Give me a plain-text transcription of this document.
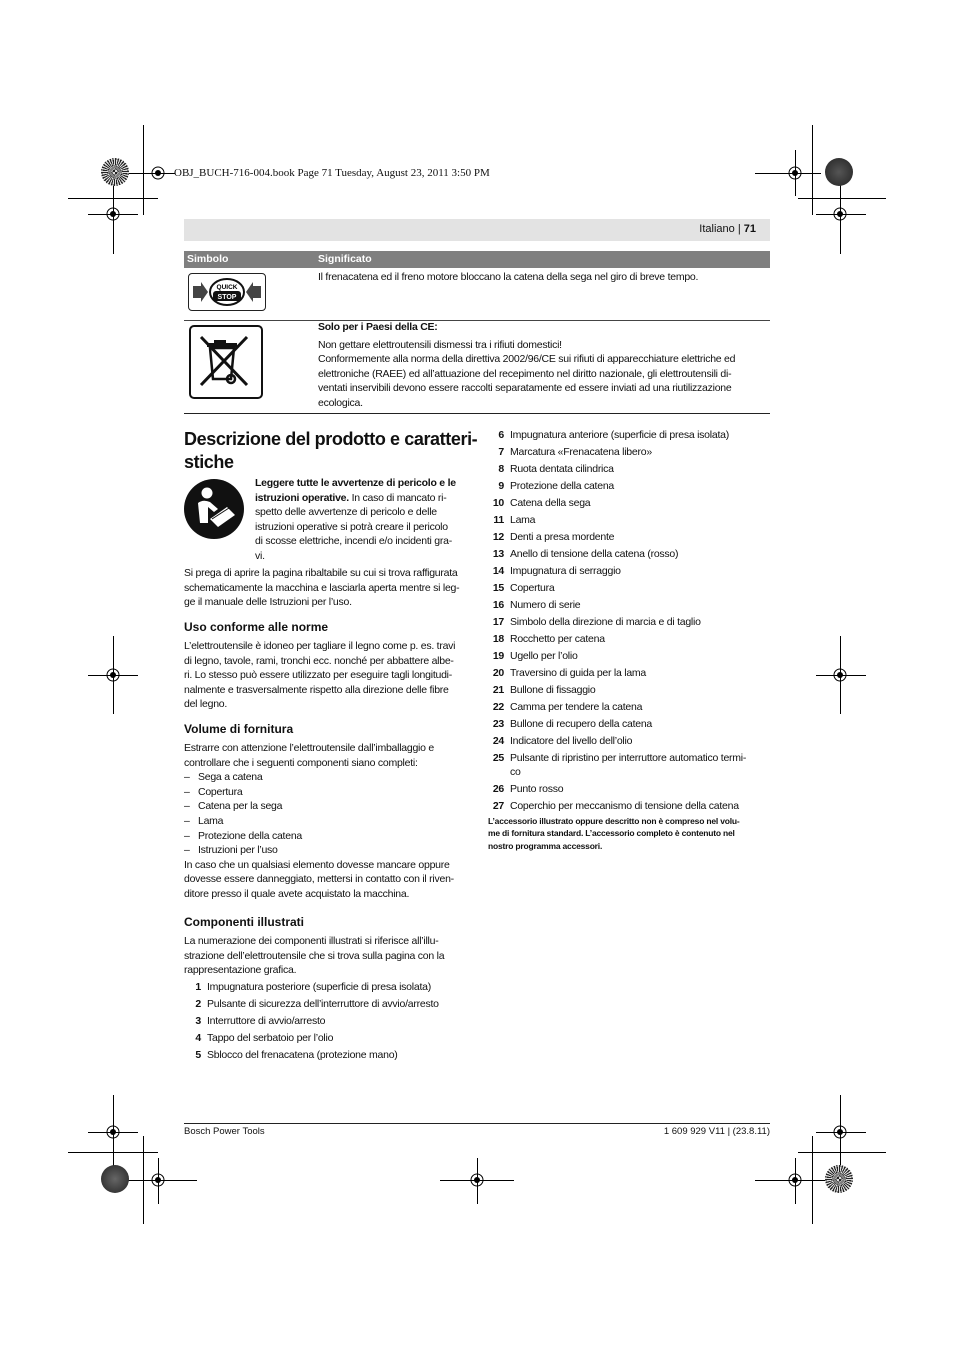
OBJ_BUCH-716-004.book Page 71 Tuesday, August 23, 2011 3:50 PM
Italiano | 71
Simbolo	Significato
QUICK
STOP
Il frenacatena ed il freno motore bloccano la catena della sega nel giro di breve tempo.
Solo per i Paesi della CE:
Non gettare elettroutensili dismessi tra i rifiuti domestici!
Conformemente alla norma della direttiva 2002/96/CE sui rifiuti di apparecchiature elettriche ed
elettroniche (RAEE) ed all’attuazione del recepimento nel diritto nazionale, gli elettroutensili di-
ventati inservibili devono essere raccolti separatamente ed essere inviati ad una riutilizzazione
ecologica.
Descrizione del prodotto e caratteri-
stiche
Leggere tutte le avvertenze di pericolo e le
istruzioni operative. In caso di mancato ri-
spetto delle avvertenze di pericolo e delle
istruzioni operative si potrà creare il pericolo
di scosse elettriche, incendi e/o incidenti gra-
vi.
Si prega di aprire la pagina ribaltabile su cui si trova raffigurata
schematicamente la macchina e lasciarla aperta mentre si leg-
ge il manuale delle Istruzioni per l’uso.
Uso conforme alle norme
L’elettroutensile è idoneo per tagliare il legno come p. es. travi
di legno, tavole, rami, tronchi ecc. nonché per abbattere albe-
ri. Lo stesso può essere utilizzato per eseguire tagli longitudi-
nalmente e trasversalmente rispetto alla direzione delle fibre
del legno.
Volume di fornitura
Estrarre con attenzione l’elettroutensile dall’imballaggio e
controllare che i seguenti componenti siano completi:
– Sega a catena
– Copertura
– Catena per la sega
– Lama
– Protezione della catena
– Istruzioni per l’uso
In caso che un qualsiasi elemento dovesse mancare oppure
dovesse essere danneggiato, mettersi in contatto con il riven-
ditore presso il quale avete acquistato la macchina.
Componenti illustrati
La numerazione dei componenti illustrati si riferisce all’illu-
strazione dell’elettroutensile che si trova sulla pagina con la
rappresentazione grafica.
1 Impugnatura posteriore (superficie di presa isolata)
2 Pulsante di sicurezza dell’interruttore di avvio/arresto
3 Interruttore di avvio/arresto
4 Tappo del serbatoio per l’olio
5 Sblocco del frenacatena (protezione mano)
6 Impugnatura anteriore (superficie di presa isolata)
7 Marcatura «Frenacatena libero»
8 Ruota dentata cilindrica
9 Protezione della catena
10 Catena della sega
11 Lama
12 Denti a presa mordente
13 Anello di tensione della catena (rosso)
14 Impugnatura di serraggio
15 Copertura
16 Numero di serie
17 Simbolo della direzione di marcia e di taglio
18 Rocchetto per catena
19 Ugello per l’olio
20 Traversino di guida per la lama
21 Bullone di fissaggio
22 Camma per tendere la catena
23 Bullone di recupero della catena
24 Indicatore del livello dell’olio
25 Pulsante di ripristino per interruttore automatico termi-
co
26 Punto rosso
27 Coperchio per meccanismo di tensione della catena
L’accessorio illustrato oppure descritto non è compreso nel volu-
me di fornitura standard. L’accessorio completo è contenuto nel
nostro programma accessori.
Bosch Power Tools	1 609 929 V11 | (23.8.11)
